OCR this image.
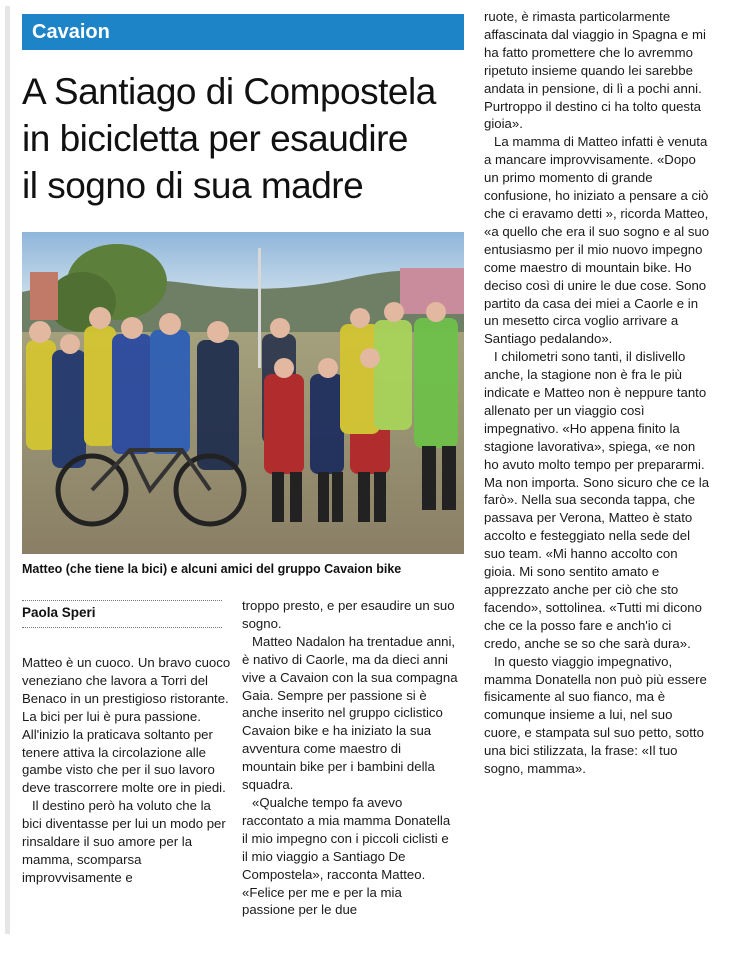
Cavaion
A Santiago di Compostela
in bicicletta per esaudire
il sogno di sua madre
Matteo (che tiene la bici) e alcuni amici del gruppo Cavaion bike
Paola Speri

Matteo è un cuoco. Un bravo cuoco veneziano che lavora a Torri del Benaco in un prestigioso ristorante. La bici per lui è pura passione. All'inizio la praticava soltanto per tenere attiva la circolazione alle gambe visto che per il suo lavoro deve trascorrere molte ore in piedi.

Il destino però ha voluto che la bici diventasse per lui un modo per rinsaldare il suo amore per la mamma, scomparsa improvvisamente e

troppo presto, e per esaudire un suo sogno.

Matteo Nadalon ha trentadue anni, è nativo di Caorle, ma da dieci anni vive a Cavaion con la sua compagna Gaia. Sempre per passione si è anche inserito nel gruppo ciclistico Cavaion bike e ha iniziato la sua avventura come maestro di mountain bike per i bambini della squadra.

«Qualche tempo fa avevo raccontato a mia mamma Donatella il mio impegno con i piccoli ciclisti e il mio viaggio a Santiago De Compostela», racconta Matteo. «Felice per me e per la mia passione per le due

ruote, è rimasta particolarmente affascinata dal viaggio in Spagna e mi ha fatto promettere che lo avremmo ripetuto insieme quando lei sarebbe andata in pensione, di lì a pochi anni. Purtroppo il destino ci ha tolto questa gioia».

La mamma di Matteo infatti è venuta a mancare improvvisamente. «Dopo un primo momento di grande confusione, ho iniziato a pensare a ciò che ci eravamo detti », ricorda Matteo, «a quello che era il suo sogno e al suo entusiasmo per il mio nuovo impegno come maestro di mountain bike. Ho deciso così di unire le due cose. Sono partito da casa dei miei a Caorle e in un mesetto circa voglio arrivare a Santiago pedalando».

I chilometri sono tanti, il dislivello anche, la stagione non è fra le più indicate e Matteo non è neppure tanto allenato per un viaggio così impegnativo. «Ho appena finito la stagione lavorativa», spiega, «e non ho avuto molto tempo per prepararmi. Ma non importa. Sono sicuro che ce la farò». Nella sua seconda tappa, che passava per Verona, Matteo è stato accolto e festeggiato nella sede del suo team. «Mi hanno accolto con gioia. Mi sono sentito amato e apprezzato anche per ciò che sto facendo», sottolinea. «Tutti mi dicono che ce la posso fare e anch'io ci credo, anche se so che sarà dura».

In questo viaggio impegnativo, mamma Donatella non può più essere fisicamente al suo fianco, ma è comunque insieme a lui, nel suo cuore, e stampata sul suo petto, sotto una bici stilizzata, la frase: «Il tuo sogno, mamma».
